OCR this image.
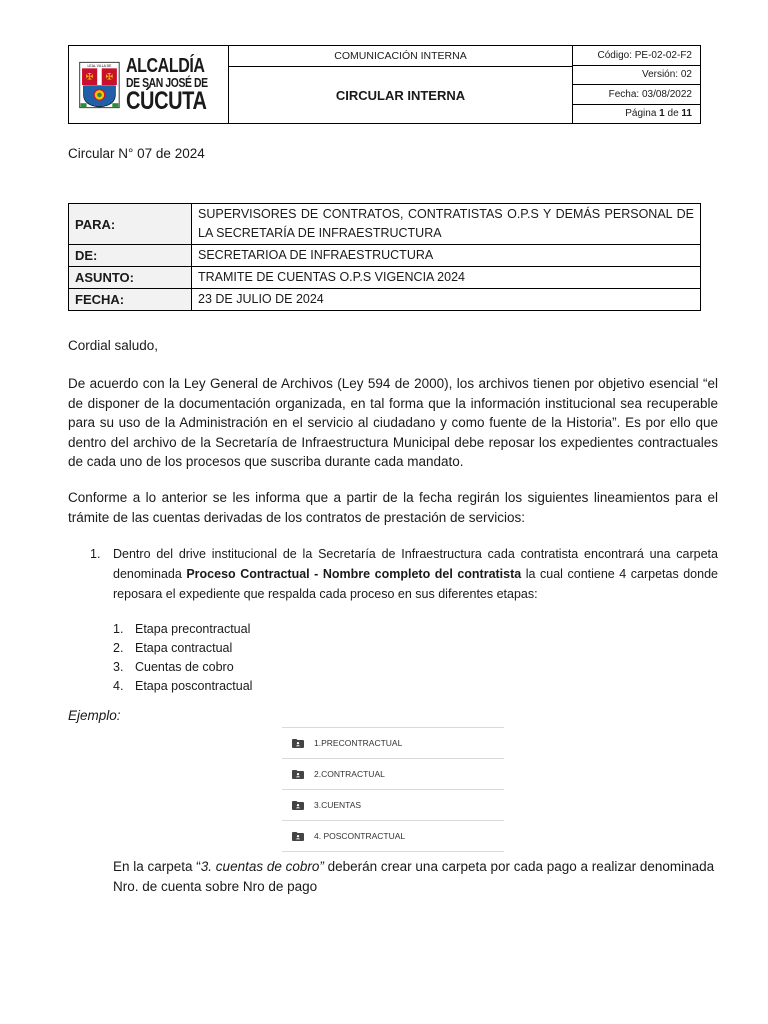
LEAL VILLA DE
✠ ✠ ALCALDÍA
DE SAN JOSÉ DE
CÚCUTA
COMUNICACIÓN INTERNA
CIRCULAR INTERNA
Código: PE-02-02-F2
Versión: 02
Fecha: 03/08/2022
Página 1 de 11
Circular N° 07 de 2024
PARA:	SUPERVISORES DE CONTRATOS, CONTRATISTAS O.P.S Y DEMÁS PERSONAL DE LA SECRETARÍA DE INFRAESTRUCTURA
DE:	SECRETARIOA DE INFRAESTRUCTURA
ASUNTO:	TRAMITE DE CUENTAS O.P.S VIGENCIA 2024
FECHA:	23 DE JULIO DE 2024
Cordial saludo,
De acuerdo con la Ley General de Archivos (Ley 594 de 2000), los archivos tienen por objetivo esencial “el de disponer de la documentación organizada, en tal forma que la información institucional sea recuperable para su uso de la Administración en el servicio al ciudadano y como fuente de la Historia”. Es por ello que dentro del archivo de la Secretaría de Infraestructura Municipal debe reposar los expedientes contractuales de cada uno de los procesos que suscriba durante cada mandato.
Conforme a lo anterior se les informa que a partir de la fecha regirán los siguientes lineamientos para el trámite de las cuentas derivadas de los contratos de prestación de servicios:
1. Dentro del drive institucional de la Secretaría de Infraestructura cada contratista encontrará una carpeta denominada Proceso Contractual - Nombre completo del contratista la cual contiene 4 carpetas donde reposara el expediente que respalda cada proceso en sus diferentes etapas:
1. Etapa precontractual
2. Etapa contractual
3. Cuentas de cobro
4. Etapa poscontractual
Ejemplo:
1.PRECONTRACTUAL
2.CONTRACTUAL
3.CUENTAS
4. POSCONTRACTUAL
En la carpeta “3. cuentas de cobro” deberán crear una carpeta por cada pago a realizar denominada Nro. de cuenta sobre Nro de pago
